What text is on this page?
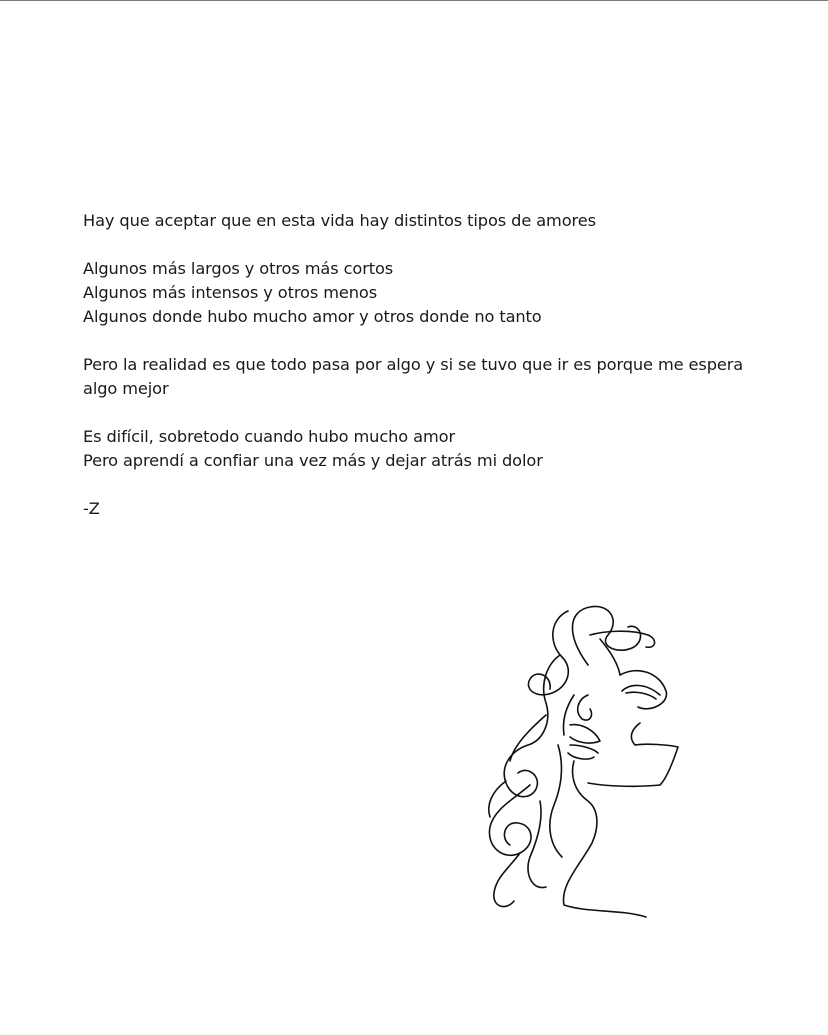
Hay que aceptar que en esta vida hay distintos tipos de amores

Algunos más largos y otros más cortos
Algunos más intensos y otros menos
Algunos donde hubo mucho amor y otros donde no tanto

Pero la realidad es que todo pasa por algo y si se tuvo que ir es porque me espera algo mejor

Es difícil, sobretodo cuando hubo mucho amor
Pero aprendí a confiar una vez más y dejar atrás mi dolor

-Z
